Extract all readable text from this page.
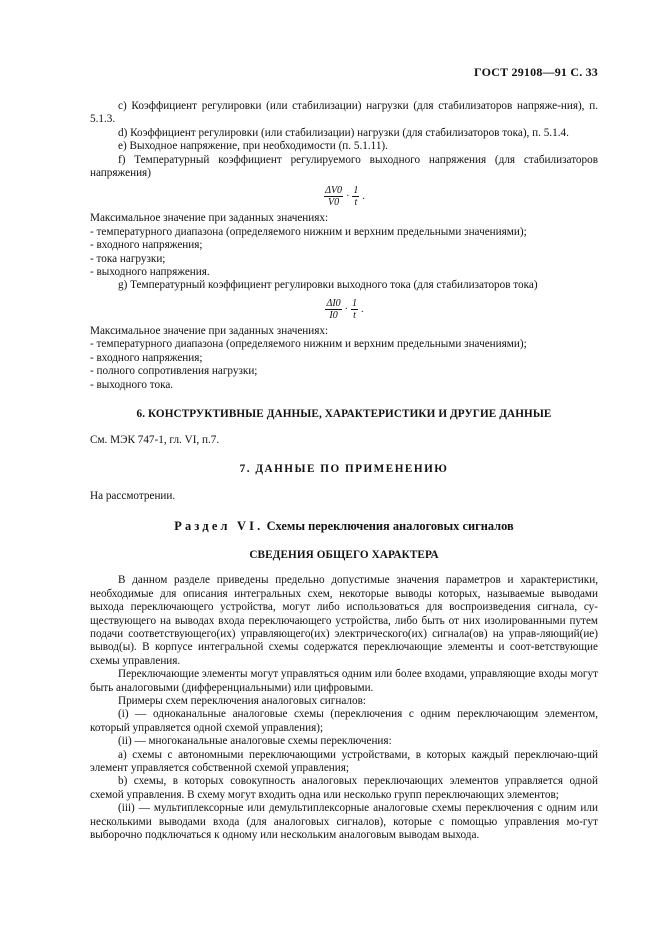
ГОСТ 29108—91 С. 33

c) Коэффициент регулировки (или стабилизации) нагрузки (для стабилизаторов напряже-ния), п. 5.1.3.

d) Коэффициент регулировки (или стабилизации) нагрузки (для стабилизаторов тока), п. 5.1.4.

e) Выходное напряжение, при необходимости (п. 5.1.11).

f) Температурный коэффициент регулируемого выходного напряжения (для стабилизаторов напряжения)

$\frac{\Delta V0}{V0} \cdot \frac{1}{t}$ .

Максимальное значение при заданных значениях:

- температурного диапазона (определяемого нижним и верхним предельными значениями);

- входного напряжения;

- тока нагрузки;

- выходного напряжения.

g) Температурный коэффициент регулировки выходного тока (для стабилизаторов тока)

$\frac{\Delta I0}{I0} \cdot \frac{1}{t}$ .

Максимальное значение при заданных значениях:

- температурного диапазона (определяемого нижним и верхним предельными значениями);

- входного напряжения;

- полного сопротивления нагрузки;

- выходного тока.

6. КОНСТРУКТИВНЫЕ ДАННЫЕ, ХАРАКТЕРИСТИКИ И ДРУГИЕ ДАННЫЕ

См. МЭК 747-1, гл. VI, п.7.

7. ДАННЫЕ ПО ПРИМЕНЕНИЮ

На рассмотрении.

Раздел VI. Схемы переключения аналоговых сигналов

СВЕДЕНИЯ ОБЩЕГО ХАРАКТЕРА

В данном разделе приведены предельно допустимые значения параметров и характеристики, необходимые для описания интегральных схем, некоторые выводы которых, называемые выводами выхода переключающего устройства, могут либо использоваться для воспроизведения сигнала, су-ществующего на выводах входа переключающего устройства, либо быть от них изолированными путем подачи соответствующего(их) управляющего(их) электрического(их) сигнала(ов) на управ-ляющий(ие) вывод(ы). В корпусе интегральной схемы содержатся переключающие элементы и соот-ветствующие схемы управления.

Переключающие элементы могут управляться одним или более входами, управляющие входы могут быть аналоговыми (дифференциальными) или цифровыми.

Примеры схем переключения аналоговых сигналов:

(i) — одноканальные аналоговые схемы (переключения с одним переключающим элементом, который управляется одной схемой управления);

(ii) — многоканальные аналоговые схемы переключения:

а) схемы с автономными переключающими устройствами, в которых каждый переключаю-щий элемент управляется собственной схемой управления;

b) схемы, в которых совокупность аналоговых переключающих элементов управляется одной схемой управления. В схему могут входить одна или несколько групп переключающих элементов;

(iii) — мультиплексорные или демультиплексорные аналоговые схемы переключения с одним или несколькими выводами входа (для аналоговых сигналов), которые с помощью управления мо-гут выборочно подключаться к одному или нескольким аналоговым выводам выхода.
